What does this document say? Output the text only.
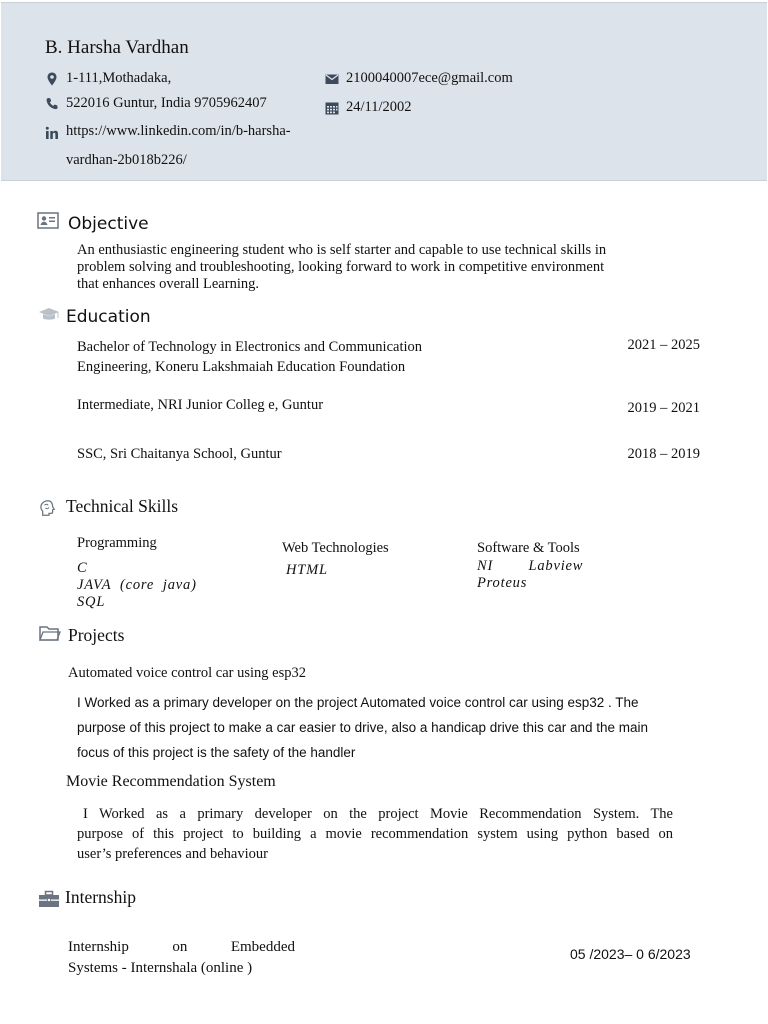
B. Harsha Vardhan
1-111,Mothadaka,
522016 Guntur, India 9705962407
https://www.linkedin.com/in/b-harsha-
vardhan-2b018b226/
2100040007ece@gmail.com
24/11/2002
Objective
An enthusiastic engineering student who is self starter and capable to use technical skills in
problem solving and troubleshooting, looking forward to work in competitive environment
that enhances overall Learning.
Education
Bachelor of Technology in Electronics and Communication
Engineering, Koneru Lakshmaiah Education Foundation
2021 – 2025
Intermediate, NRI Junior Colleg e, Guntur	2019 – 2021
SSC, Sri Chaitanya School, Guntur	2018 – 2019
Technical Skills
Programming
C
JAVA  (core  java)
SQL
Web Technologies
HTML
Software & Tools
NI        Labview
Proteus
Projects
Automated voice control car using esp32
I Worked as a primary developer on the project Automated voice control car using esp32 . The
purpose of this project to make a car easier to drive, also a handicap drive this car and the main
focus of this project is the safety of the handler
Movie Recommendation System
I Worked as a primary developer on the project Movie Recommendation System. The
purpose of this project to building a movie recommendation system using python based on
user’s preferences and behaviour
Internship
Internship	on	Embedded
Systems - Internshala (online )
05 /2023– 0 6/2023
